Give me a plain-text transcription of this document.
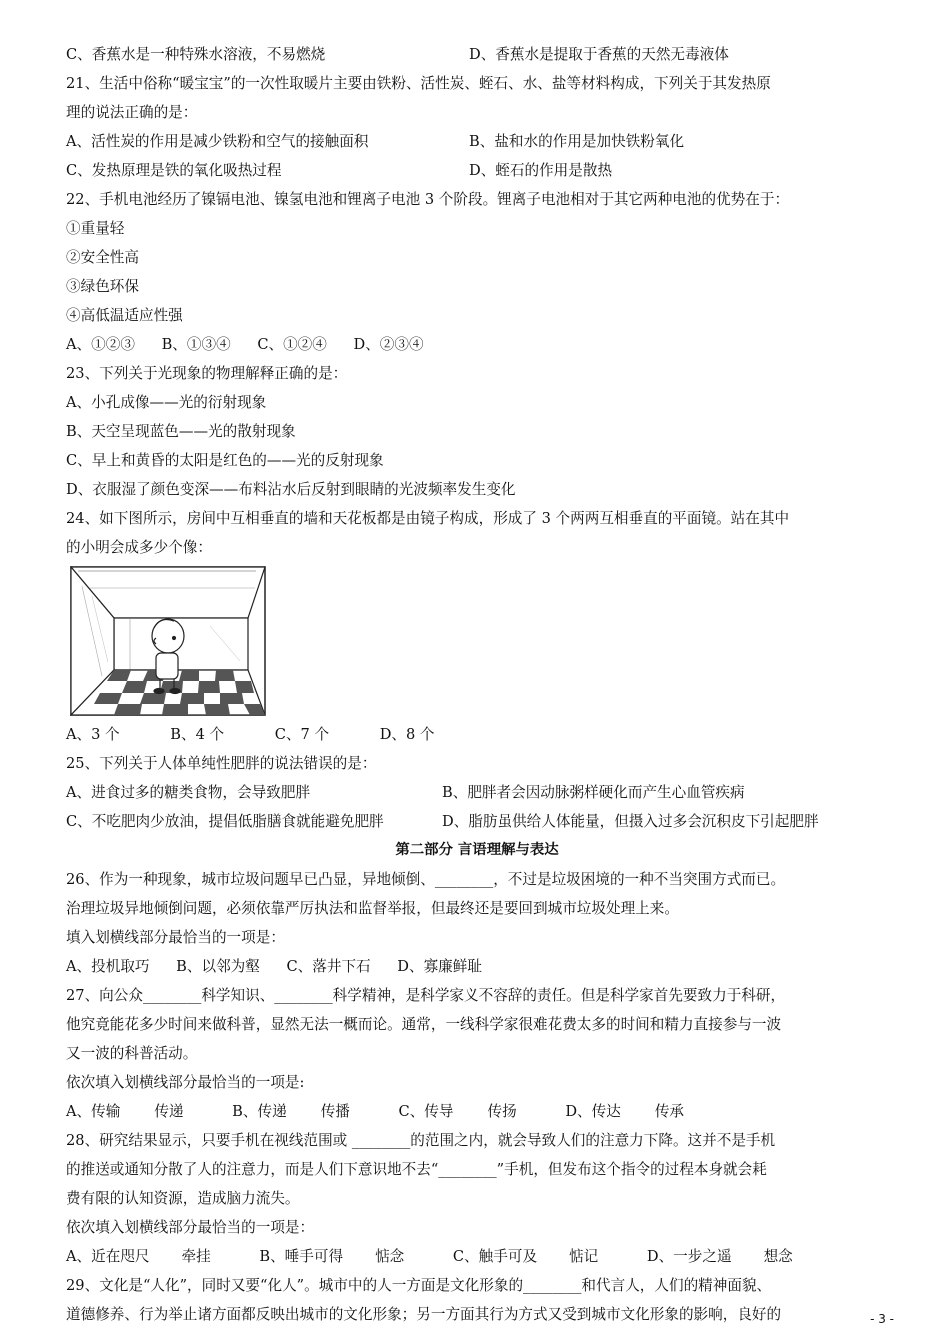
C、香蕉水是一种特殊水溶液，不易燃烧	D、香蕉水是提取于香蕉的天然无毒液体
21、生活中俗称“暖宝宝”的一次性取暖片主要由铁粉、活性炭、蛭石、水、盐等材料构成，下列关于其发热原
理的说法正确的是：
A、活性炭的作用是减少铁粉和空气的接触面积	B、盐和水的作用是加快铁粉氧化
C、发热原理是铁的氧化吸热过程	D、蛭石的作用是散热
22、手机电池经历了镍镉电池、镍氢电池和锂离子电池 3 个阶段。锂离子电池相对于其它两种电池的优势在于：
①重量轻
②安全性高
③绿色环保
④高低温适应性强
A、①②③ B、①③④ C、①②④ D、②③④
23、下列关于光现象的物理解释正确的是：
A、小孔成像——光的衍射现象
B、天空呈现蓝色——光的散射现象
C、早上和黄昏的太阳是红色的——光的反射现象
D、衣服湿了颜色变深——布料沾水后反射到眼睛的光波频率发生变化
24、如下图所示，房间中互相垂直的墙和天花板都是由镜子构成，形成了 3 个两两互相垂直的平面镜。站在其中
的小明会成多少个像：
A、3 个	B、4 个	C、7 个	D、8 个
25、下列关于人体单纯性肥胖的说法错误的是：
A、进食过多的糖类食物，会导致肥胖	B、肥胖者会因动脉粥样硬化而产生心血管疾病
C、不吃肥肉少放油，提倡低脂膳食就能避免肥胖	D、脂肪虽供给人体能量，但摄入过多会沉积皮下引起肥胖
第二部分 言语理解与表达
26、作为一种现象，城市垃圾问题早已凸显，异地倾倒、________，不过是垃圾困境的一种不当突围方式而已。
治理垃圾异地倾倒问题，必须依靠严厉执法和监督举报，但最终还是要回到城市垃圾处理上来。
填入划横线部分最恰当的一项是：
A、投机取巧 B、以邻为壑 C、落井下石 D、寡廉鲜耻
27、向公众________科学知识、________科学精神，是科学家义不容辞的责任。但是科学家首先要致力于科研，
他究竟能花多少时间来做科普，显然无法一概而论。通常，一线科学家很难花费太多的时间和精力直接参与一波
又一波的科普活动。
依次填入划横线部分最恰当的一项是:
A、传输 传递	B、传递 传播	C、传导 传扬	D、传达 传承
28、研究结果显示，只要手机在视线范围或 ________的范围之内，就会导致人们的注意力下降。这并不是手机
的推送或通知分散了人的注意力，而是人们下意识地不去“________”手机，但发布这个指令的过程本身就会耗
费有限的认知资源，造成脑力流失。
依次填入划横线部分最恰当的一项是：
A、近在咫尺 牵挂	B、唾手可得 惦念	C、触手可及 惦记	D、一步之遥 想念
29、文化是“人化”，同时又要“化人”。城市中的人一方面是文化形象的________和代言人，人们的精神面貌、
道德修养、行为举止诸方面都反映出城市的文化形象；另一方面其行为方式又受到城市文化形象的影响，良好的	- 3 -
